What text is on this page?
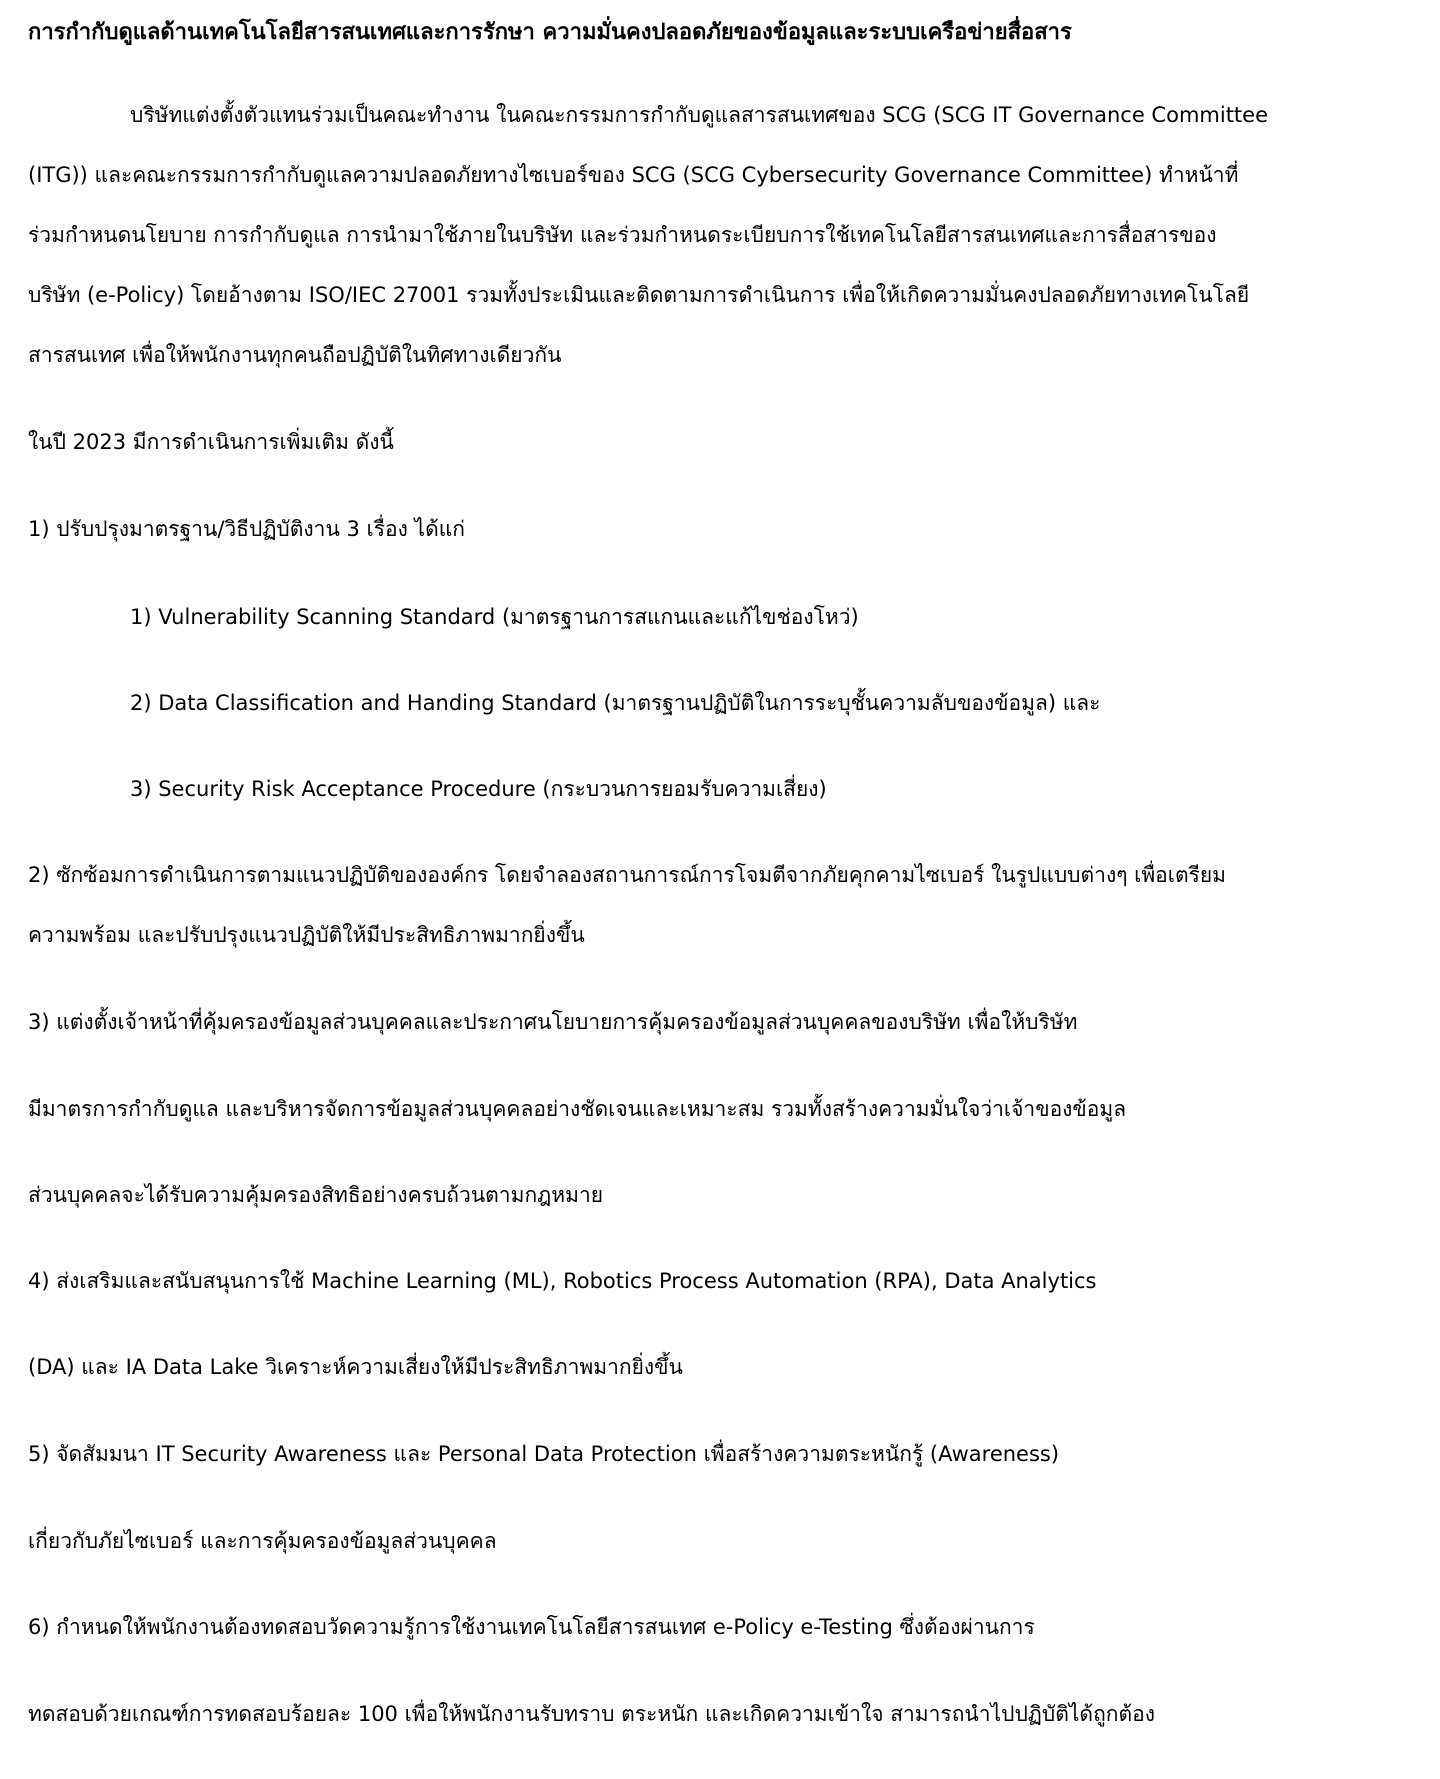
การกำกับดูแลด้านเทคโนโลยีสารสนเทศและการรักษา ความมั่นคงปลอดภัยของข้อมูลและระบบเครือข่ายสื่อสาร
บริษัทแต่งตั้งตัวแทนร่วมเป็นคณะทำงาน ในคณะกรรมการกำกับดูแลสารสนเทศของ SCG (SCG IT Governance Committee
(ITG)) และคณะกรรมการกำกับดูแลความปลอดภัยทางไซเบอร์ของ SCG (SCG Cybersecurity Governance Committee) ทำหน้าที่
ร่วมกำหนดนโยบาย การกำกับดูแล การนำมาใช้ภายในบริษัท และร่วมกำหนดระเบียบการใช้เทคโนโลยีสารสนเทศและการสื่อสารของ
บริษัท (e-Policy) โดยอ้างตาม ISO/IEC 27001 รวมทั้งประเมินและติดตามการดำเนินการ เพื่อให้เกิดความมั่นคงปลอดภัยทางเทคโนโลยี
สารสนเทศ เพื่อให้พนักงานทุกคนถือปฏิบัติในทิศทางเดียวกัน
ในปี 2023 มีการดำเนินการเพิ่มเติม ดังนี้
1) ปรับปรุงมาตรฐาน/วิธีปฏิบัติงาน 3 เรื่อง ได้แก่
1) Vulnerability Scanning Standard (มาตรฐานการสแกนและแก้ไขช่องโหว่)
2) Data Classification and Handing Standard (มาตรฐานปฏิบัติในการระบุชั้นความลับของข้อมูล) และ
3) Security Risk Acceptance Procedure (กระบวนการยอมรับความเสี่ยง)
2) ซักซ้อมการดำเนินการตามแนวปฏิบัติขององค์กร โดยจำลองสถานการณ์การโจมตีจากภัยคุกคามไซเบอร์ ในรูปแบบต่างๆ เพื่อเตรียม
ความพร้อม และปรับปรุงแนวปฏิบัติให้มีประสิทธิภาพมากยิ่งขึ้น
3) แต่งตั้งเจ้าหน้าที่คุ้มครองข้อมูลส่วนบุคคลและประกาศนโยบายการคุ้มครองข้อมูลส่วนบุคคลของบริษัท เพื่อให้บริษัท
มีมาตรการกำกับดูแล และบริหารจัดการข้อมูลส่วนบุคคลอย่างชัดเจนและเหมาะสม รวมทั้งสร้างความมั่นใจว่าเจ้าของข้อมูล
ส่วนบุคคลจะได้รับความคุ้มครองสิทธิอย่างครบถ้วนตามกฎหมาย
4) ส่งเสริมและสนับสนุนการใช้ Machine Learning (ML), Robotics Process Automation (RPA), Data Analytics
(DA) และ IA Data Lake วิเคราะห์ความเสี่ยงให้มีประสิทธิภาพมากยิ่งขึ้น
5) จัดสัมมนา IT Security Awareness และ Personal Data Protection เพื่อสร้างความตระหนักรู้ (Awareness)
เกี่ยวกับภัยไซเบอร์ และการคุ้มครองข้อมูลส่วนบุคคล
6) กำหนดให้พนักงานต้องทดสอบวัดความรู้การใช้งานเทคโนโลยีสารสนเทศ e-Policy e-Testing ซึ่งต้องผ่านการ
ทดสอบด้วยเกณฑ์การทดสอบร้อยละ 100 เพื่อให้พนักงานรับทราบ ตระหนัก และเกิดความเข้าใจ สามารถนำไปปฏิบัติได้ถูกต้อง
